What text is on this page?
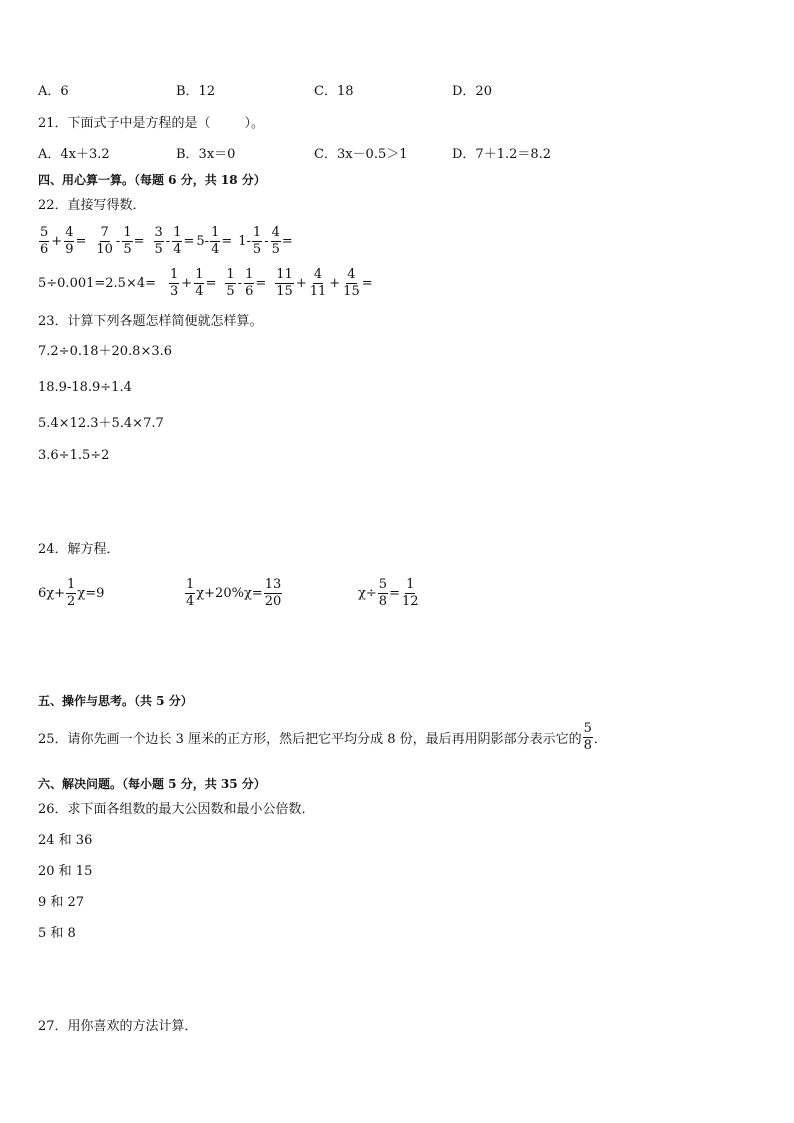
A．6	B．12	C．18	D．20
21．下面式子中是方程的是（	）。
A．4x＋3.2	B．3x＝0	C．3x－0.5＞1	D．7＋1.2＝8.2
四、用心算一算。（每题 6 分，共 18 分）
22．直接写得数．
$\frac{5}{6} + \frac{4}{9} = \frac{7}{10} - \frac{1}{5} = \frac{3}{5} - \frac{1}{4} = 5- \frac{1}{4} = 1- \frac{1}{5} - \frac{4}{5}$ =
$5\div 0.001= 2.5\times 4= \frac{1}{3} + \frac{1}{4} = \frac{1}{5} - \frac{1}{6} = \frac{11}{15} + \frac{4}{11} + \frac{4}{15}$ =
23．计算下列各题怎样简便就怎样算。
7.2÷0.18＋20.8×3.6
18.9-18.9÷1.4
5.4×12.3＋5.4×7.7
3.6÷1.5÷2
24．解方程．
$6\chi+ \frac{1}{2} \chi=9$	$\frac{1}{4} \chi+20\%\chi= \frac{13}{20}$	$\chi\div \frac{5}{8} = \frac{1}{12}$
五、操作与思考。（共 5 分）
25．请你先画一个边长 3 厘米的正方形，然后把它平均分成 8 份，最后再用阴影部分表示它的 $\frac{5}{8}$ ．
六、解决问题。（每小题 5 分，共 35 分）
26．求下面各组数的最大公因数和最小公倍数．
24 和 36
20 和 15
9 和 27
5 和 8
27．用你喜欢的方法计算．
